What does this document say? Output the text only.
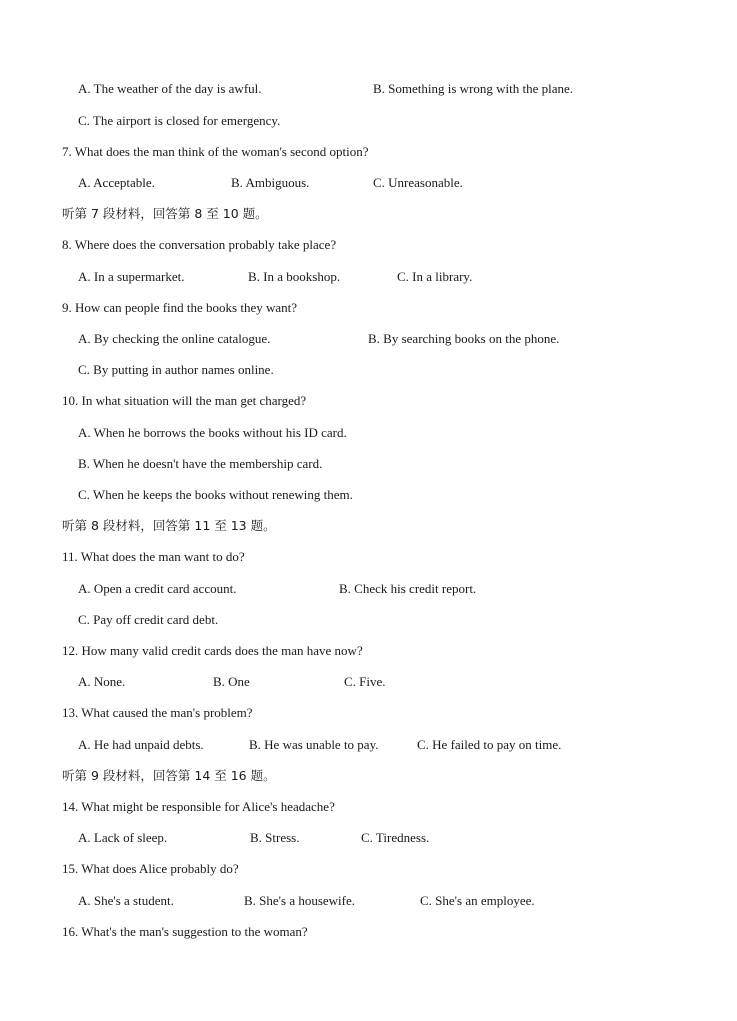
A. The weather of the day is awful.	B. Something is wrong with the plane.
C. The airport is closed for emergency.
7. What does the man think of the woman's second option?
A. Acceptable.	B. Ambiguous.	C. Unreasonable.
听第 7 段材料，回答第 8 至 10 题。
8. Where does the conversation probably take place?
A. In a supermarket.	B. In a bookshop.	C. In a library.
9. How can people find the books they want?
A. By checking the online catalogue.	B. By searching books on the phone.
C. By putting in author names online.
10. In what situation will the man get charged?
A. When he borrows the books without his ID card.
B. When he doesn't have the membership card.
C. When he keeps the books without renewing them.
听第 8 段材料，回答第 11 至 13 题。
11. What does the man want to do?
A. Open a credit card account.	B. Check his credit report.
C. Pay off credit card debt.
12. How many valid credit cards does the man have now?
A. None.	B. One	C. Five.
13. What caused the man's problem?
A. He had unpaid debts.	B. He was unable to pay.	C. He failed to pay on time.
听第 9 段材料，回答第 14 至 16 题。
14. What might be responsible for Alice's headache?
A. Lack of sleep.	B. Stress.	C. Tiredness.
15. What does Alice probably do?
A. She's a student.	B. She's a housewife.	C. She's an employee.
16. What's the man's suggestion to the woman?
